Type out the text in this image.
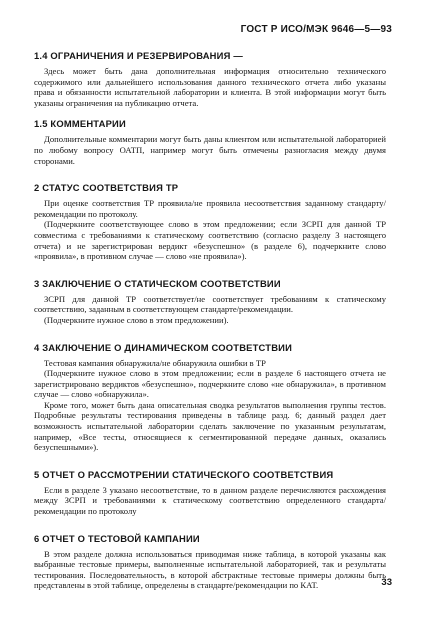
ГОСТ Р ИСО/МЭК 9646—5—93
1.4 ОГРАНИЧЕНИЯ И РЕЗЕРВИРОВАНИЯ —

Здесь может быть дана дополнительная информация относительно технического содержимого или дальнейшего использования данного технического отчета либо указаны права и обязанности испытательной лаборатории и клиента. В этой информации могут быть указаны ограничения на публикацию отчета.

1.5 КОММЕНТАРИИ

Дополнительные комментарии могут быть даны клиентом или испытательной лабораторией по любому вопросу ОАТП, например могут быть отмечены разногласия между двумя сторонами.

2 СТАТУС СООТВЕТСТВИЯ ТР

При оценке соответствия ТР проявила/не проявила несоответствия заданному стандарту/рекомендации по протоколу.

(Подчеркните соответствующее слово в этом предложении; если ЗСРП для данной ТР совместима с требованиями к статическому соответствию (согласно разделу 3 настоящего отчета) и не зарегистрирован вердикт «безуспешно» (в разделе 6), подчеркните слово «проявила», в противном случае — слово «не проявила»).

3 ЗАКЛЮЧЕНИЕ О СТАТИЧЕСКОМ СООТВЕТСТВИИ

ЗСРП для данной ТР соответствует/не соответствует требованиям к статическому соответствию, заданным в соответствующем стандарте/рекомендации.

(Подчеркните нужное слово в этом предложении).

4 ЗАКЛЮЧЕНИЕ О ДИНАМИЧЕСКОМ СООТВЕТСТВИИ

Тестовая кампания обнаружила/не обнаружила ошибки в ТР

(Подчеркните нужное слово в этом предложении; если в разделе 6 настоящего отчета не зарегистрировано вердиктов «безуспешно», подчеркните слово «не обнаружила», в противном случае — слово «обнаружила».

Кроме того, может быть дана описательная сводка результатов выполнения группы тестов. Подробные результаты тестирования приведены в таблице разд. 6; данный раздел дает возможность испытательной лаборатории сделать заключение по указанным результатам, например, «Все тесты, относящиеся к сегментированной передаче данных, оказались безуспешными»).

5 ОТЧЕТ О РАССМОТРЕНИИ СТАТИЧЕСКОГО СООТВЕТСТВИЯ

Если в разделе 3 указано несоответствие, то в данном разделе перечисляются расхождения между ЗСРП и требованиями к статическому соответствию определенного стандарта/рекомендации по протоколу

6 ОТЧЕТ О ТЕСТОВОЙ КАМПАНИИ

В этом разделе должна использоваться приводимая ниже таблица, в которой указаны как выбранные тестовые примеры, выполненные испытательной лабораторией, так и результаты тестирования. Последовательность, в которой абстрактные тестовые примеры должны быть представлены в этой таблице, определены в стандарте/рекомендации по КАТ.	33
